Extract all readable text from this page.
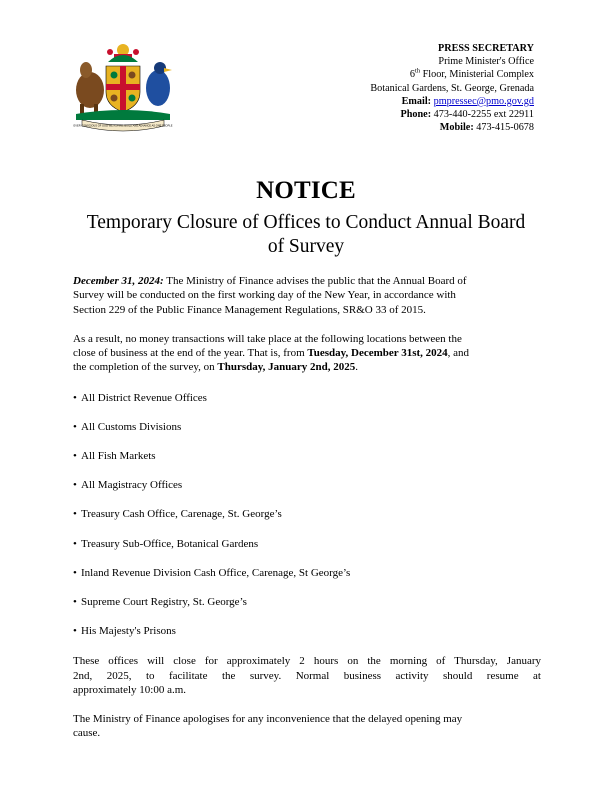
EVER CONSCIOUS OF GOD WE ASPIRE, BUILD AND ADVANCE AS ONE PEOPLE
PRESS SECRETARY
Prime Minister's Office
6th Floor, Ministerial Complex
Botanical Gardens, St. George, Grenada
Email: pmpressec@pmo.gov.gd
Phone: 473-440-2255 ext 22911
Mobile: 473-415-0678
NOTICE
Temporary Closure of Offices to Conduct Annual Board
of Survey
December 31, 2024: The Ministry of Finance advises the public that the Annual Board of
Survey will be conducted on the first working day of the New Year, in accordance with
Section 229 of the Public Finance Management Regulations, SR&O 33 of 2015.
As a result, no money transactions will take place at the following locations between the
close of business at the end of the year. That is, from Tuesday, December 31st, 2024, and
the completion of the survey, on Thursday, January 2nd, 2025.
• All District Revenue Offices
• All Customs Divisions
• All Fish Markets
• All Magistracy Offices
• Treasury Cash Office, Carenage, St. George’s
• Treasury Sub-Office, Botanical Gardens
• Inland Revenue Division Cash Office, Carenage, St George’s
• Supreme Court Registry, St. George’s
• His Majesty's Prisons
These offices will close for approximately 2 hours on the morning of Thursday, January
2nd, 2025, to facilitate the survey. Normal business activity should resume at
approximately 10:00 a.m.
The Ministry of Finance apologises for any inconvenience that the delayed opening may
cause.
